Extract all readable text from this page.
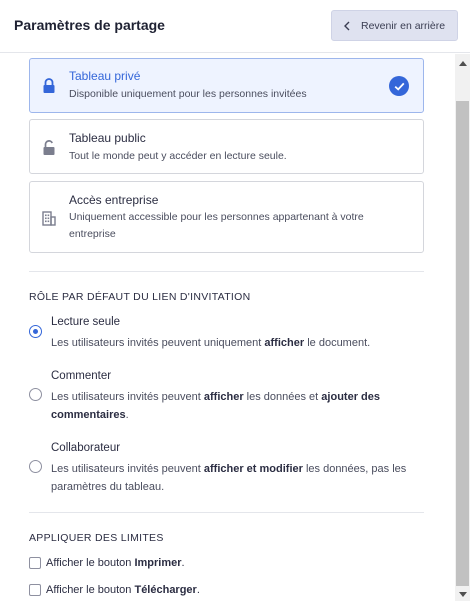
Paramètres de partage	Revenir en arrière
Tableau privé
Disponible uniquement pour les personnes invitées
Tableau public
Tout le monde peut y accéder en lecture seule.
Accès entreprise
Uniquement accessible pour les personnes appartenant à votre entreprise
RÔLE PAR DÉFAUT DU LIEN D'INVITATION
Lecture seule
Les utilisateurs invités peuvent uniquement afficher le document.
Commenter
Les utilisateurs invités peuvent afficher les données et ajouter des commentaires.
Collaborateur
Les utilisateurs invités peuvent afficher et modifier les données, pas les paramètres du tableau.
APPLIQUER DES LIMITES
Afficher le bouton Imprimer.
Afficher le bouton Télécharger.
